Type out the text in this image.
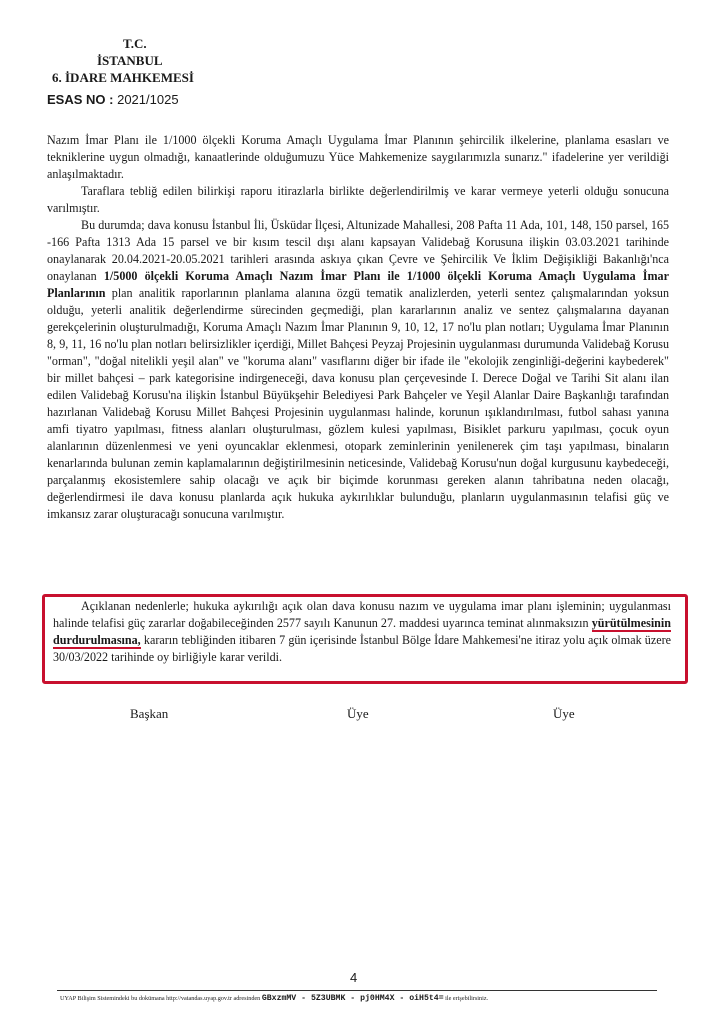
T.C.
İSTANBUL
6. İDARE MAHKEMESİ
ESAS NO : 2021/1025

Nazım İmar Planı ile 1/1000 ölçekli Koruma Amaçlı Uygulama İmar Planının şehircilik ilkelerine, planlama esasları ve tekniklerine uygun olmadığı, kanaatlerinde olduğumuzu Yüce Mahkemenize saygılarımızla sunarız." ifadelerine yer verildiği anlaşılmaktadır.

Taraflara tebliğ edilen bilirkişi raporu itirazlarla birlikte değerlendirilmiş ve karar vermeye yeterli olduğu sonucuna varılmıştır.

Bu durumda; dava konusu İstanbul İli, Üsküdar İlçesi, Altunizade Mahallesi, 208 Pafta 11 Ada, 101, 148, 150 parsel, 165 -166 Pafta 1313 Ada 15 parsel ve bir kısım tescil dışı alanı kapsayan Validebağ Korusuna ilişkin 03.03.2021 tarihinde onaylanarak 20.04.2021-20.05.2021 tarihleri arasında askıya çıkan Çevre ve Şehircilik Ve İklim Değişikliği Bakanlığı'nca onaylanan 1/5000 ölçekli Koruma Amaçlı Nazım İmar Planı ile 1/1000 ölçekli Koruma Amaçlı Uygulama İmar Planlarının plan analitik raporlarının planlama alanına özgü tematik analizlerden, yeterli sentez çalışmalarından yoksun olduğu, yeterli analitik değerlendirme sürecinden geçmediği, plan kararlarının analiz ve sentez çalışmalarına dayanan gerekçelerinin oluşturulmadığı, Koruma Amaçlı Nazım İmar Planının 9, 10, 12, 17 no'lu plan notları; Uygulama İmar Planının 8, 9, 11, 16 no'lu plan notları belirsizlikler içerdiği, Millet Bahçesi Peyzaj Projesinin uygulanması durumunda Validebağ Korusu "orman", "doğal nitelikli yeşil alan" ve "koruma alanı" vasıflarını diğer bir ifade ile "ekolojik zenginliği-değerini kaybederek" bir millet bahçesi – park kategorisine indirgeneceği, dava konusu plan çerçevesinde I. Derece Doğal ve Tarihi Sit alanı ilan edilen Validebağ Korusu'na ilişkin İstanbul Büyükşehir Belediyesi Park Bahçeler ve Yeşil Alanlar Daire Başkanlığı tarafından hazırlanan Validebağ Korusu Millet Bahçesi Projesinin uygulanması halinde, korunun ışıklandırılması, futbol sahası yanına amfi tiyatro yapılması, fitness alanları oluşturulması, gözlem kulesi yapılması, Bisiklet parkuru yapılması, çocuk oyun alanlarının düzenlenmesi ve yeni oyuncaklar eklenmesi, otopark zeminlerinin yenilenerek çim taşı yapılması, binaların kenarlarında bulunan zemin kaplamalarının değiştirilmesinin neticesinde, Validebağ Korusu'nun doğal kurgusunu kaybedeceği, parçalanmış ekosistemlere sahip olacağı ve açık bir biçimde korunması gereken alanın tahribatına neden olacağı, değerlendirmesi ile dava konusu planlarda açık hukuka aykırılıklar bulunduğu, planların uygulanmasının telafisi güç ve imkansız zarar oluşturacağı sonucuna varılmıştır.

Açıklanan nedenlerle; hukuka aykırılığı açık olan dava konusu nazım ve uygulama imar planı işleminin; uygulanması halinde telafisi güç zararlar doğabileceğinden 2577 sayılı Kanunun 27. maddesi uyarınca teminat alınmaksızın yürütülmesinin durdurulmasına, kararın tebliğinden itibaren 7 gün içerisinde İstanbul Bölge İdare Mahkemesi'ne itiraz yolu açık olmak üzere 30/03/2022 tarihinde oy birliğiyle karar verildi.

Başkan	Üye	Üye
4
UYAP Bilişim Sistemindeki bu dokümana http://vatandas.uyap.gov.tr adresinden GBxzmMV - 5Z3UBMK - pj0HM4X - oiH5t4= ile erişebilirsiniz.
